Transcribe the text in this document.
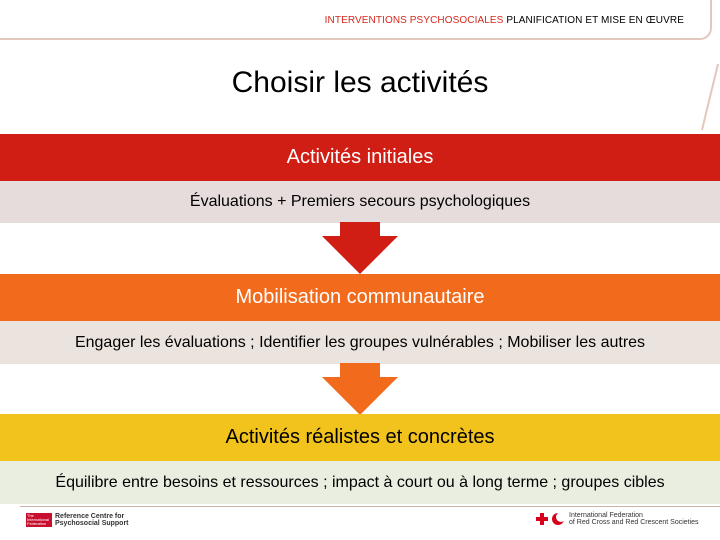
INTERVENTIONS PSYCHOSOCIALES PLANIFICATION ET MISE EN ŒUVRE
Choisir les activités
Activités initiales
Évaluations + Premiers secours psychologiques
Mobilisation communautaire
Engager les évaluations ; Identifier les groupes vulnérables ; Mobiliser les autres
Activités réalistes et concrètes
Équilibre entre besoins et ressources ; impact à court ou à long terme ; groupes cibles
The International Federation
Reference Centre for
Psychosocial Support
International Federation
of Red Cross and Red Crescent Societies
